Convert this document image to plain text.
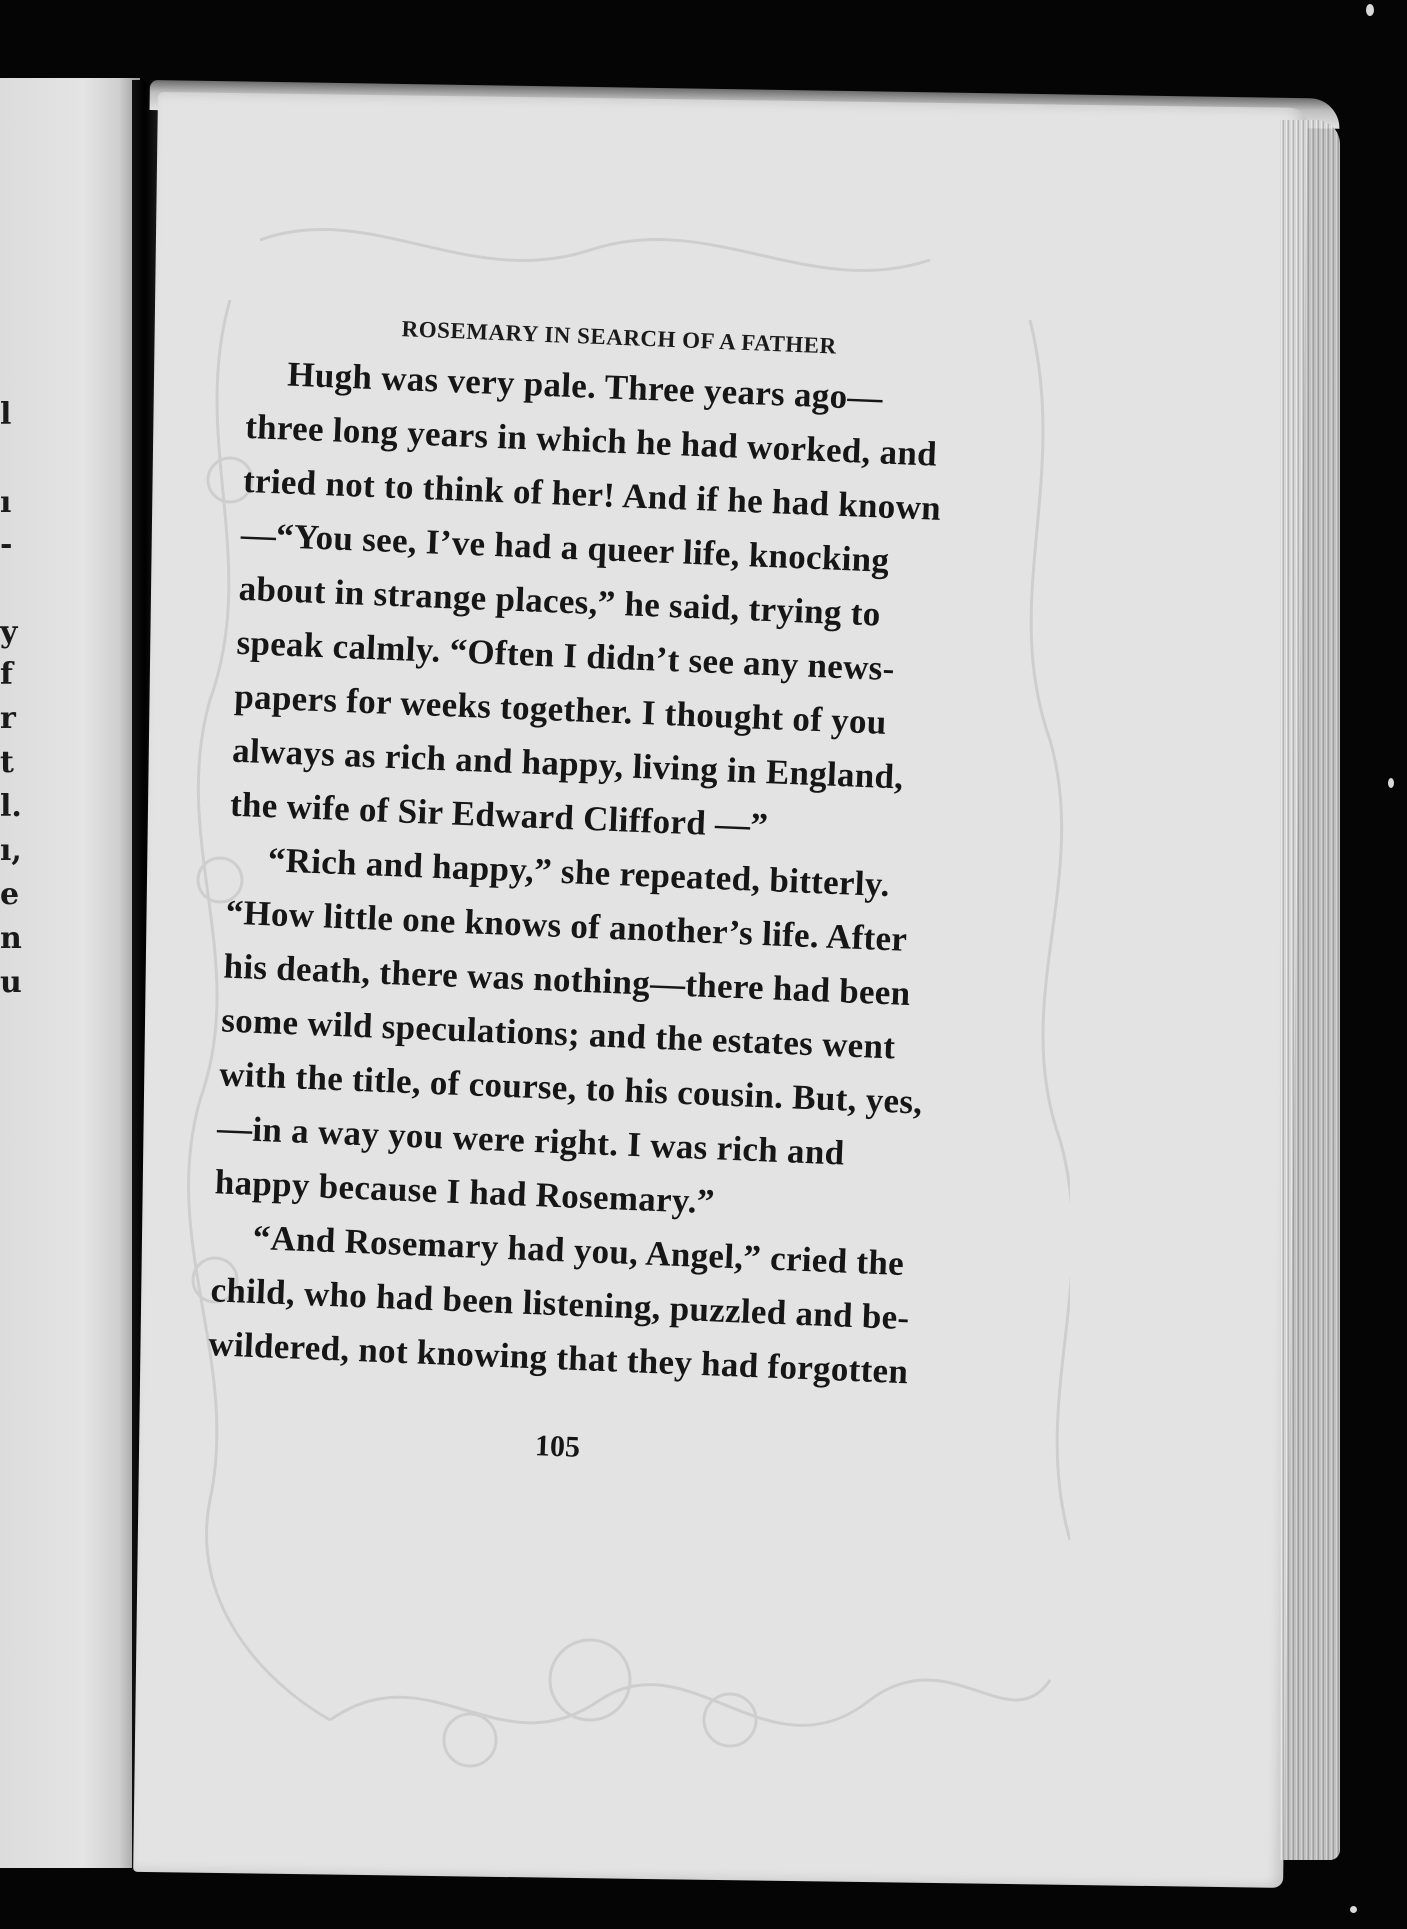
l
ı
-
y
f
r
t
l.
ı,
e
n
u
ROSEMARY IN SEARCH OF A FATHER
Hugh was very pale. Three years ago—
three long years in which he had worked, and
tried not to think of her! And if he had known
—“You see, I’ve had a queer life, knocking
about in strange places,” he said, trying to
speak calmly. “Often I didn’t see any news-
papers for weeks together. I thought of you
always as rich and happy, living in England,
the wife of Sir Edward Clifford —”
“Rich and happy,” she repeated, bitterly.
“How little one knows of another’s life. After
his death, there was nothing—there had been
some wild speculations; and the estates went
with the title, of course, to his cousin. But, yes,
—in a way you were right. I was rich and
happy because I had Rosemary.”
“And Rosemary had you, Angel,” cried the
child, who had been listening, puzzled and be-
wildered, not knowing that they had forgotten
105
